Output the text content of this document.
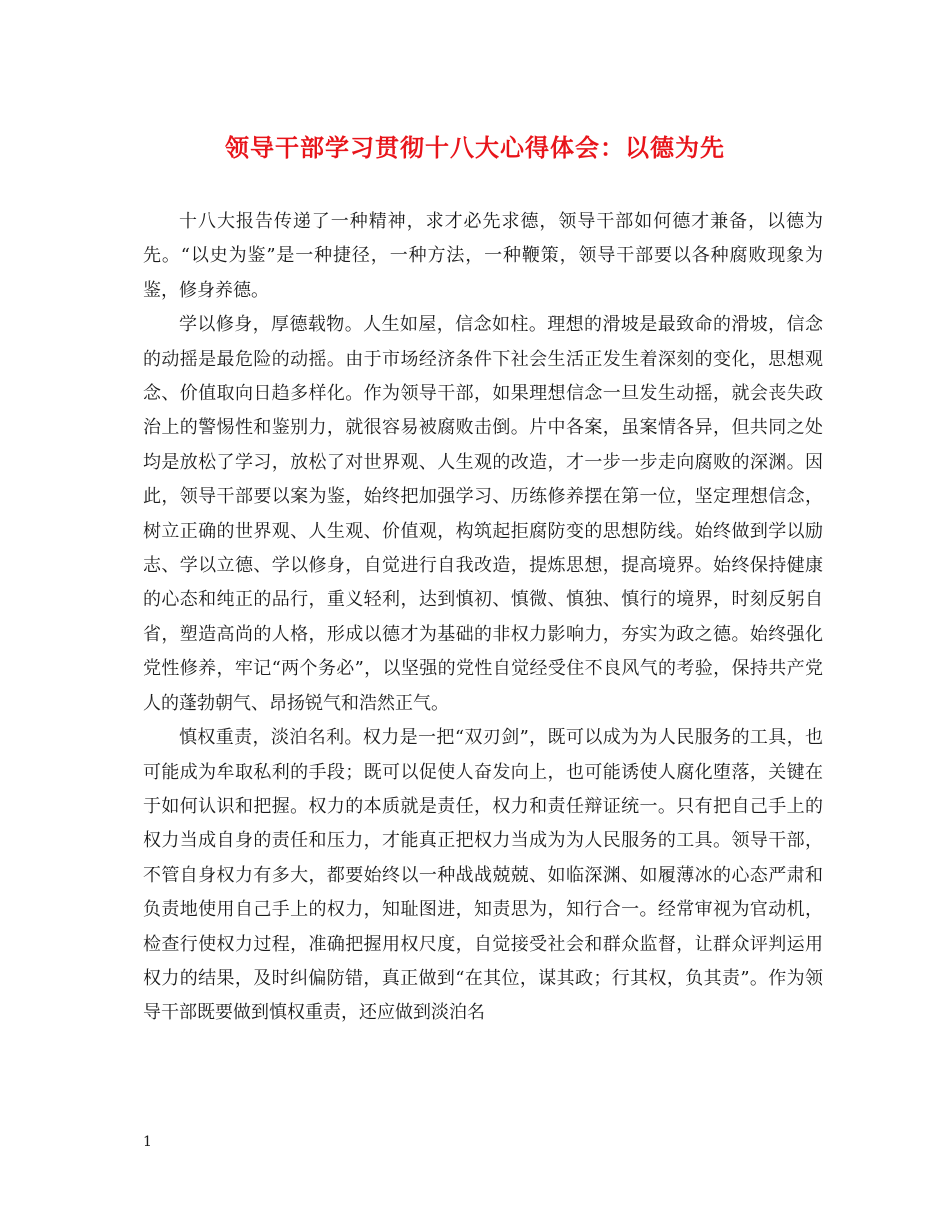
领导干部学习贯彻十八大心得体会：以德为先

十八大报告传递了一种精神，求才必先求德，领导干部如何德才兼备，以德为先。“以史为鉴”是一种捷径，一种方法，一种鞭策，领导干部要以各种腐败现象为鉴，修身养德。

学以修身，厚德载物。人生如屋，信念如柱。理想的滑坡是最致命的滑坡，信念的动摇是最危险的动摇。由于市场经济条件下社会生活正发生着深刻的变化，思想观念、价值取向日趋多样化。作为领导干部，如果理想信念一旦发生动摇，就会丧失政治上的警惕性和鉴别力，就很容易被腐败击倒。片中各案，虽案情各异，但共同之处均是放松了学习，放松了对世界观、人生观的改造，才一步一步走向腐败的深渊。因此，领导干部要以案为鉴，始终把加强学习、历练修养摆在第一位，坚定理想信念，树立正确的世界观、人生观、价值观，构筑起拒腐防变的思想防线。始终做到学以励志、学以立德、学以修身，自觉进行自我改造，提炼思想，提高境界。始终保持健康的心态和纯正的品行，重义轻利，达到慎初、慎微、慎独、慎行的境界，时刻反躬自省，塑造高尚的人格，形成以德才为基础的非权力影响力，夯实为政之德。始终强化党性修养，牢记“两个务必”，以坚强的党性自觉经受住不良风气的考验，保持共产党人的蓬勃朝气、昂扬锐气和浩然正气。

慎权重责，淡泊名利。权力是一把“双刃剑”，既可以成为为人民服务的工具，也可能成为牟取私利的手段；既可以促使人奋发向上，也可能诱使人腐化堕落，关键在于如何认识和把握。权力的本质就是责任，权力和责任辩证统一。只有把自己手上的权力当成自身的责任和压力，才能真正把权力当成为为人民服务的工具。领导干部，不管自身权力有多大，都要始终以一种战战兢兢、如临深渊、如履薄冰的心态严肃和负责地使用自己手上的权力，知耻图进，知责思为，知行合一。经常审视为官动机，检查行使权力过程，准确把握用权尺度，自觉接受社会和群众监督，让群众评判运用权力的结果，及时纠偏防错，真正做到“在其位，谋其政；行其权，负其责”。作为领导干部既要做到慎权重责，还应做到淡泊名

1
